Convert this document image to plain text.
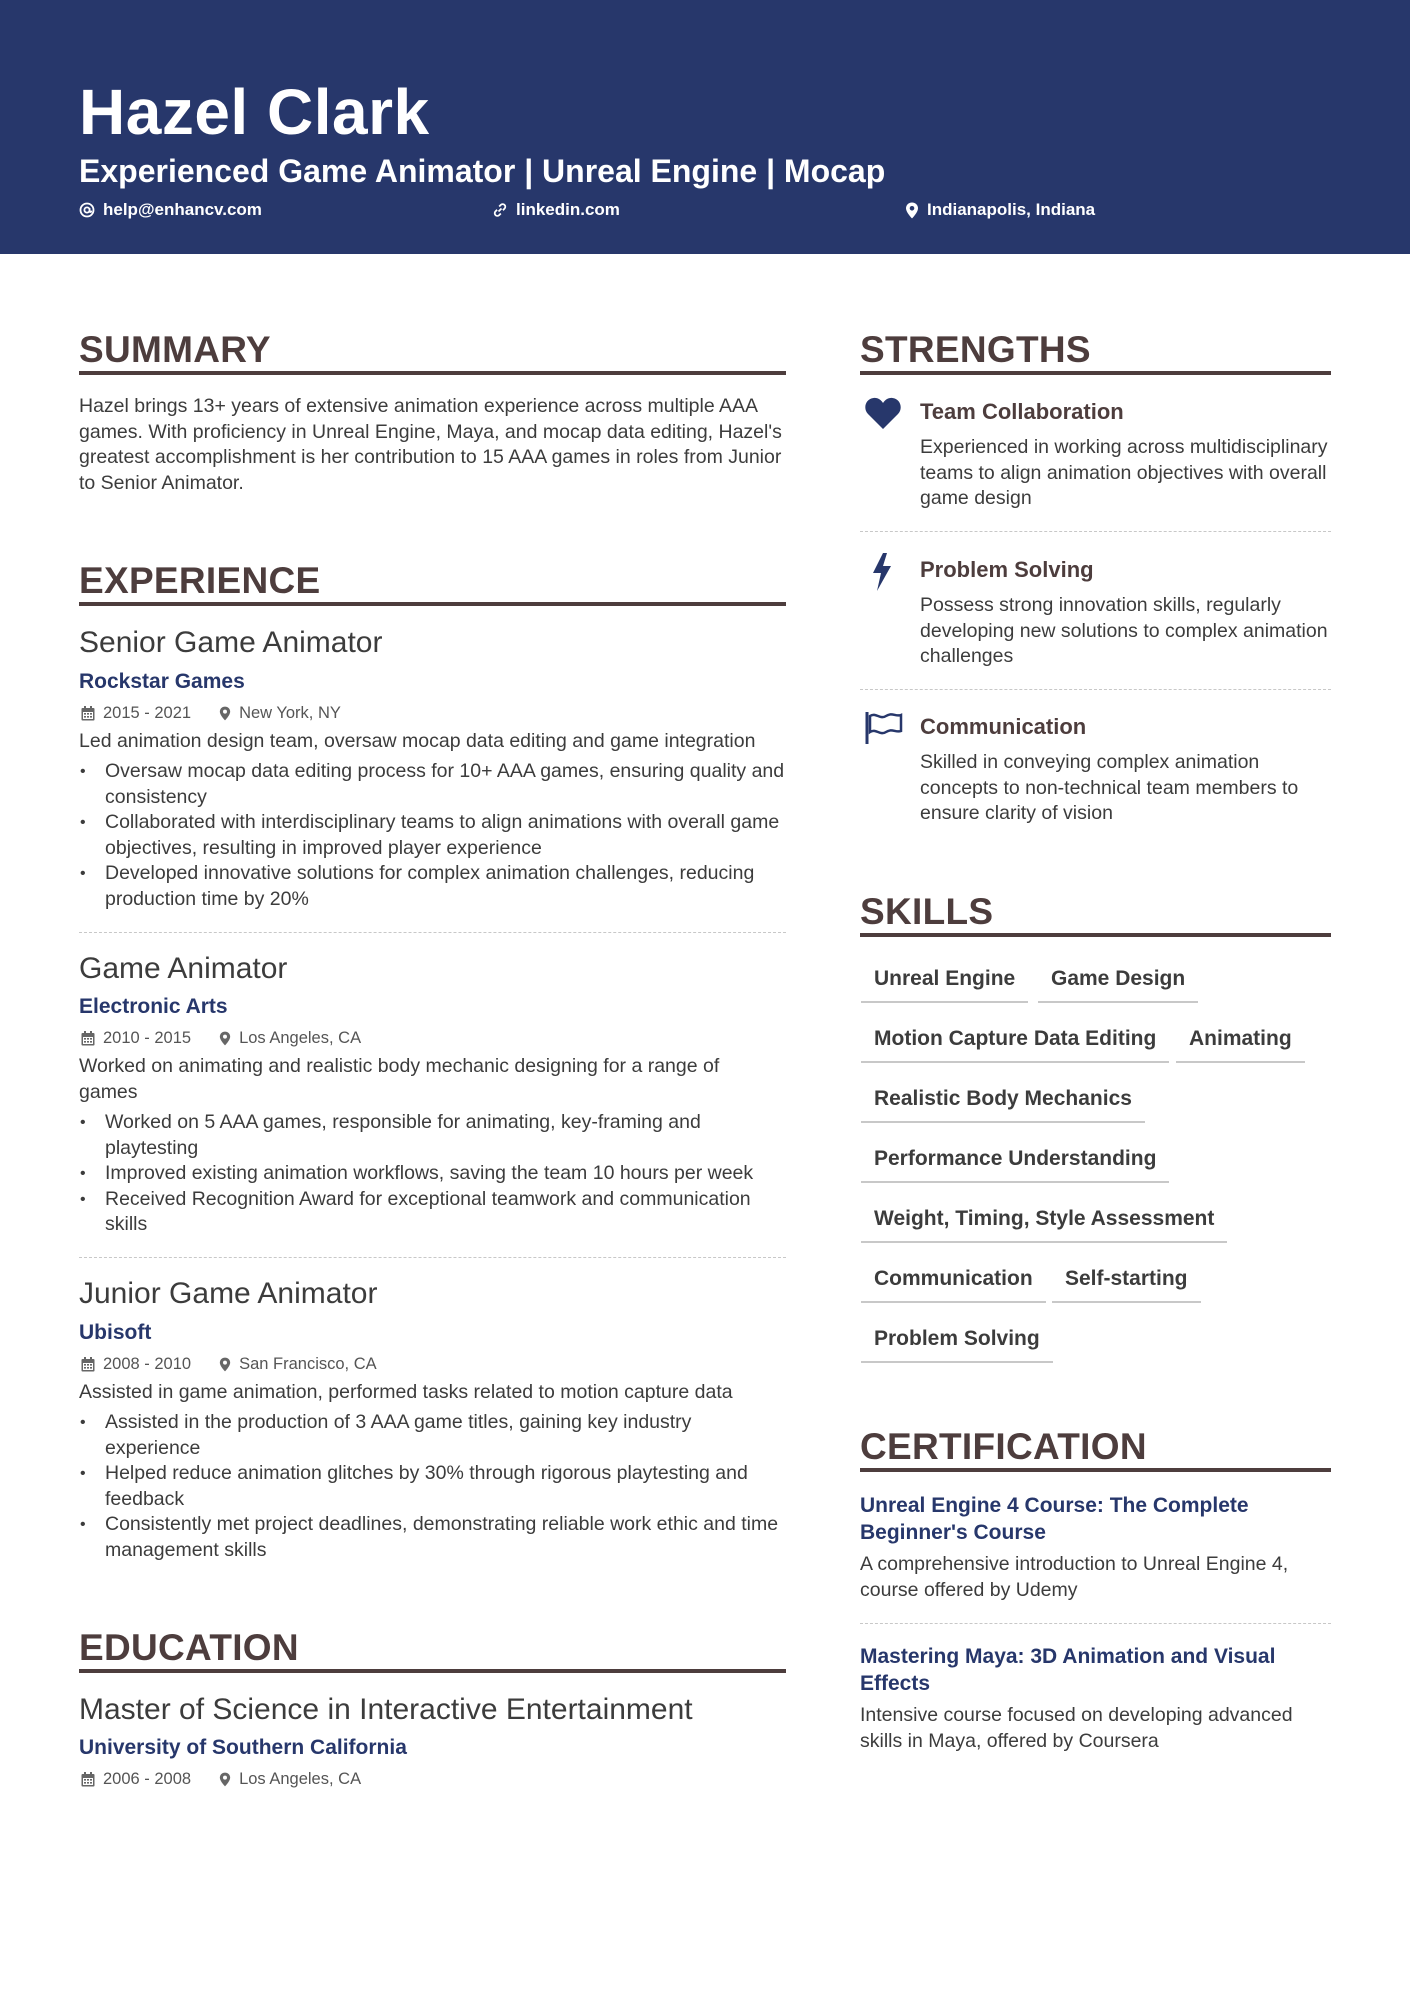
Hazel Clark
Experienced Game Animator | Unreal Engine | Mocap
help@enhancv.com	linkedin.com	Indianapolis, Indiana
SUMMARY
Hazel brings 13+ years of extensive animation experience across multiple AAA games. With proficiency in Unreal Engine, Maya, and mocap data editing, Hazel's greatest accomplishment is her contribution to 15 AAA games in roles from Junior to Senior Animator.
EXPERIENCE
Senior Game Animator
Rockstar Games
2015 - 2021	New York, NY
Led animation design team, oversaw mocap data editing and game integration
• Oversaw mocap data editing process for 10+ AAA games, ensuring quality and consistency
• Collaborated with interdisciplinary teams to align animations with overall game objectives, resulting in improved player experience
• Developed innovative solutions for complex animation challenges, reducing production time by 20%
Game Animator
Electronic Arts
2010 - 2015	Los Angeles, CA
Worked on animating and realistic body mechanic designing for a range of games
• Worked on 5 AAA games, responsible for animating, key-framing and playtesting
• Improved existing animation workflows, saving the team 10 hours per week
• Received Recognition Award for exceptional teamwork and communication skills
Junior Game Animator
Ubisoft
2008 - 2010	San Francisco, CA
Assisted in game animation, performed tasks related to motion capture data
• Assisted in the production of 3 AAA game titles, gaining key industry experience
• Helped reduce animation glitches by 30% through rigorous playtesting and feedback
• Consistently met project deadlines, demonstrating reliable work ethic and time management skills
EDUCATION
Master of Science in Interactive Entertainment
University of Southern California
2006 - 2008	Los Angeles, CA
STRENGTHS
Team Collaboration
Experienced in working across multidisciplinary teams to align animation objectives with overall game design
Problem Solving
Possess strong innovation skills, regularly developing new solutions to complex animation challenges
Communication
Skilled in conveying complex animation concepts to non-technical team members to ensure clarity of vision
SKILLS
Unreal Engine	Game Design
Motion Capture Data Editing	Animating
Realistic Body Mechanics
Performance Understanding
Weight, Timing, Style Assessment
Communication	Self-starting
Problem Solving
CERTIFICATION
Unreal Engine 4 Course: The Complete Beginner's Course
A comprehensive introduction to Unreal Engine 4, course offered by Udemy
Mastering Maya: 3D Animation and Visual Effects
Intensive course focused on developing advanced skills in Maya, offered by Coursera
